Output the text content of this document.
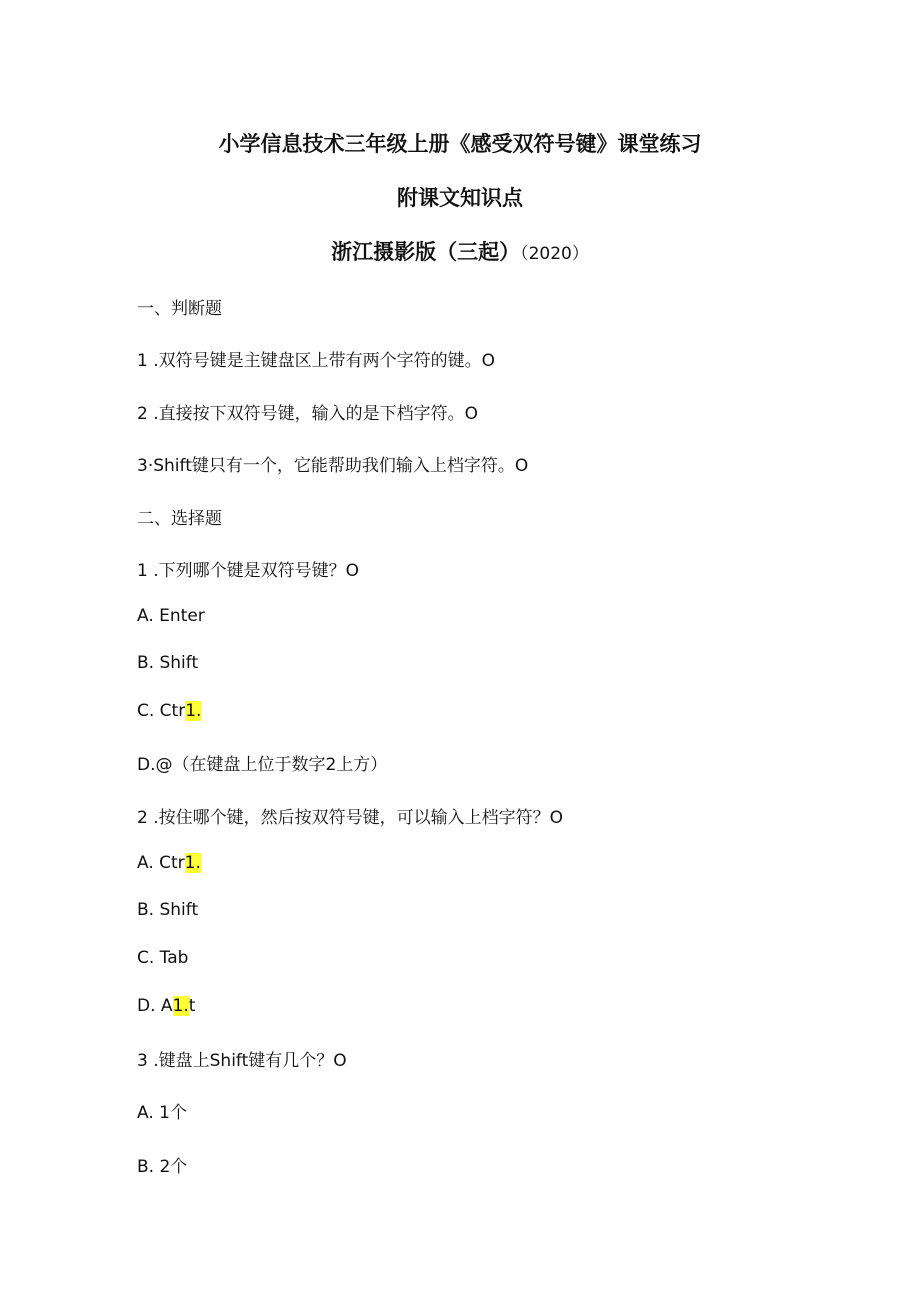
小学信息技术三年级上册《感受双符号键》课堂练习
附课文知识点
浙江摄影版（三起）（2020）
一、判断题
1 .双符号键是主键盘区上带有两个字符的键。O
2 .直接按下双符号键，输入的是下档字符。O
3·Shift键只有一个，它能帮助我们输入上档字符。O
二、选择题
1 .下列哪个键是双符号键？O
A. Enter
B. Shift
C. Ctr1.
D.@（在键盘上位于数字2上方）
2 .按住哪个键，然后按双符号键，可以输入上档字符？O
A. Ctr1.
B. Shift
C. Tab
D. A1.t
3 .键盘上Shift键有几个？O
A. 1个
B. 2个
